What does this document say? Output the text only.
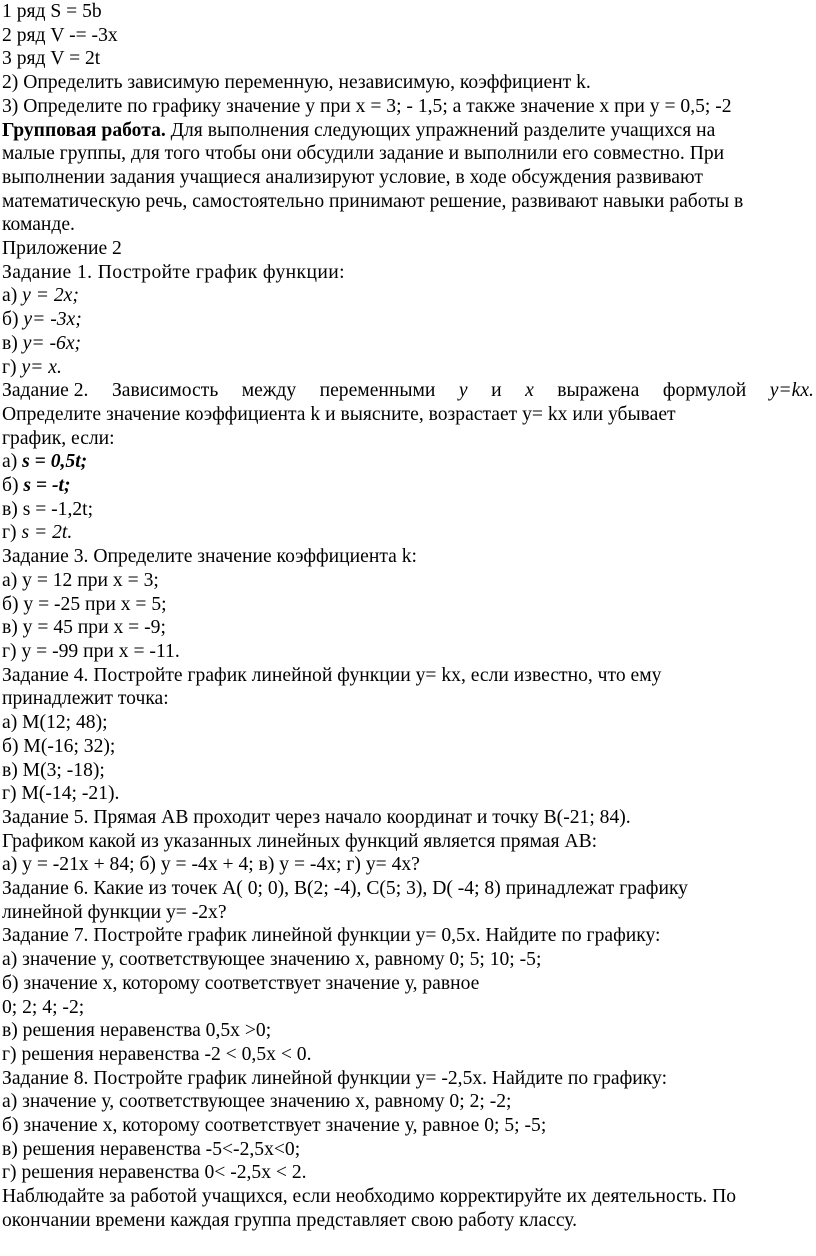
1 ряд S = 5b

2 ряд V -= -3x

3 ряд V = 2t

2) Определить зависимую переменную, независимую, коэффициент k.

3) Определите по графику значение у при х = 3; - 1,5; а также значение х при у = 0,5; -2

Групповая работа. Для выполнения следующих упражнений разделите учащихся на

малые группы, для того чтобы они обсудили задание и выполнили его совместно. При

выполнении задания учащиеся анализируют условие, в ходе обсуждения развивают

математическую речь, самостоятельно принимают решение, развивают навыки работы в

команде.

Приложение 2

Задание 1. Постройте график функции:

а) у = 2х;

б) у= -3х;

в) у= -6х;

г) у= х.

Задание 2. Зависимость между переменными у и х выражена формулой у=kх.

Определите значение коэффициента k и выясните, возрастает у= kх или убывает

график, если:

а) s = 0,5t;

б) s = -t;

в) s = -1,2t;

г) s = 2t.

Задание 3. Определите значение коэффициента k:

а) у = 12 при х = 3;

б) у = -25 при х = 5;

в) у = 45 при х = -9;

г) у = -99 при х = -11.

Задание 4. Постройте график линейной функции у= kх, если известно, что ему

принадлежит точка:

а) М(12; 48);

б) М(-16; 32);

в) М(3; -18);

г) М(-14; -21).

Задание 5. Прямая АВ проходит через начало координат и точку В(-21; 84).

Графиком какой из указанных линейных функций является прямая АВ:

а) у = -21х + 84; б) у = -4х + 4; в) у = -4х; г) у= 4х?

Задание 6. Какие из точек А( 0; 0), В(2; -4), С(5; 3), D( -4; 8) принадлежат графику

линейной функции у= -2х?

Задание 7. Постройте график линейной функции у= 0,5х. Найдите по графику:

а) значение у, соответствующее значению х, равному 0; 5; 10; -5;

б) значение х, которому соответствует значение у, равное

0; 2; 4; -2;

в) решения неравенства 0,5х >0;

г) решения неравенства -2 < 0,5х < 0.

Задание 8. Постройте график линейной функции у= -2,5х. Найдите по графику:

а) значение у, соответствующее значению х, равному 0; 2; -2;

б) значение х, которому соответствует значение у, равное 0; 5; -5;

в) решения неравенства -5<-2,5х<0;

г) решения неравенства 0< -2,5х < 2.

Наблюдайте за работой учащихся, если необходимо корректируйте их деятельность. По

окончании времени каждая группа представляет свою работу классу.
